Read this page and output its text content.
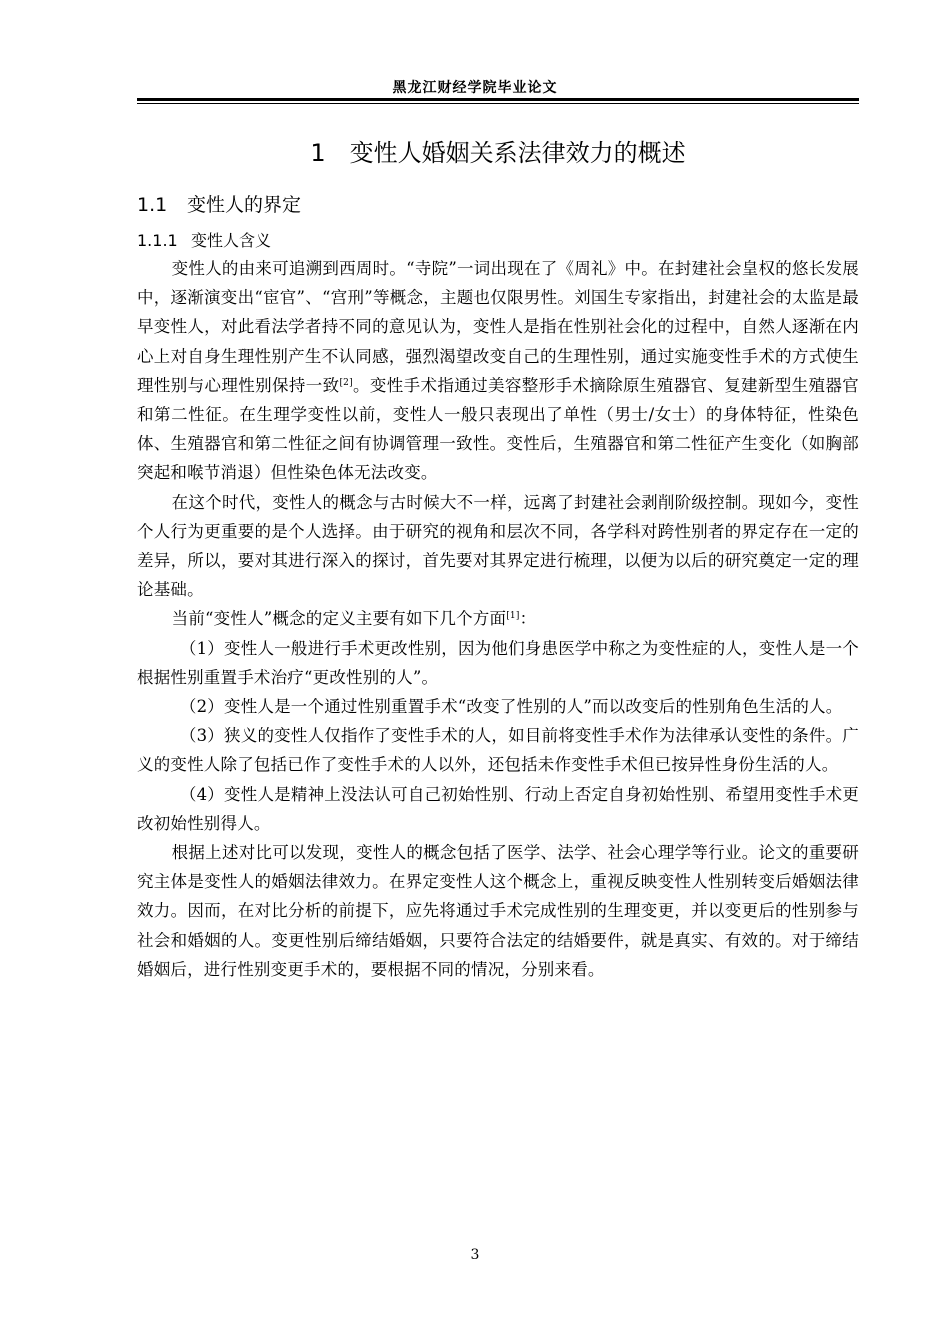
黑龙江财经学院毕业论文
1　 变性人婚姻关系法律效力的概述
1.1 变性人的界定
1.1.1 变性人含义

变性人的由来可追溯到西周时。“寺院”一词出现在了《周礼》中。在封建社会皇权的悠长发展中，逐渐演变出“宦官”、“宫刑”等概念，主题也仅限男性。刘国生专家指出，封建社会的太监是最早变性人，对此看法学者持不同的意见认为，变性人是指在性别社会化的过程中，自然人逐渐在内心上对自身生理性别产生不认同感，强烈渴望改变自己的生理性别，通过实施变性手术的方式使生理性别与心理性别保持一致[2]。变性手术指通过美容整形手术摘除原生殖器官、复建新型生殖器官和第二性征。在生理学变性以前，变性人一般只表现出了单性（男士/女士）的身体特征，性染色体、生殖器官和第二性征之间有协调管理一致性。变性后，生殖器官和第二性征产生变化（如胸部突起和喉节消退）但性染色体无法改变。

在这个时代，变性人的概念与古时候大不一样，远离了封建社会剥削阶级控制。现如今，变性个人行为更重要的是个人选择。由于研究的视角和层次不同，各学科对跨性别者的界定存在一定的差异，所以，要对其进行深入的探讨，首先要对其界定进行梳理，以便为以后的研究奠定一定的理论基础。

当前“变性人”概念的定义主要有如下几个方面[1]：

（1）变性人一般进行手术更改性别，因为他们身患医学中称之为变性症的人，变性人是一个根据性别重置手术治疗“更改性别的人”。

（2）变性人是一个通过性别重置手术“改变了性别的人”而以改变后的性别角色生活的人。

（3）狭义的变性人仅指作了变性手术的人，如目前将变性手术作为法律承认变性的条件。广义的变性人除了包括已作了变性手术的人以外，还包括未作变性手术但已按异性身份生活的人。

（4）变性人是精神上没法认可自己初始性别、行动上否定自身初始性别、希望用变性手术更改初始性别得人。

根据上述对比可以发现，变性人的概念包括了医学、法学、社会心理学等行业。论文的重要研究主体是变性人的婚姻法律效力。在界定变性人这个概念上，重视反映变性人性别转变后婚姻法律效力。因而，在对比分析的前提下，应先将通过手术完成性别的生理变更，并以变更后的性别参与社会和婚姻的人。变更性别后缔结婚姻，只要符合法定的结婚要件，就是真实、有效的。对于缔结婚姻后，进行性别变更手术的，要根据不同的情况，分别来看。

3
